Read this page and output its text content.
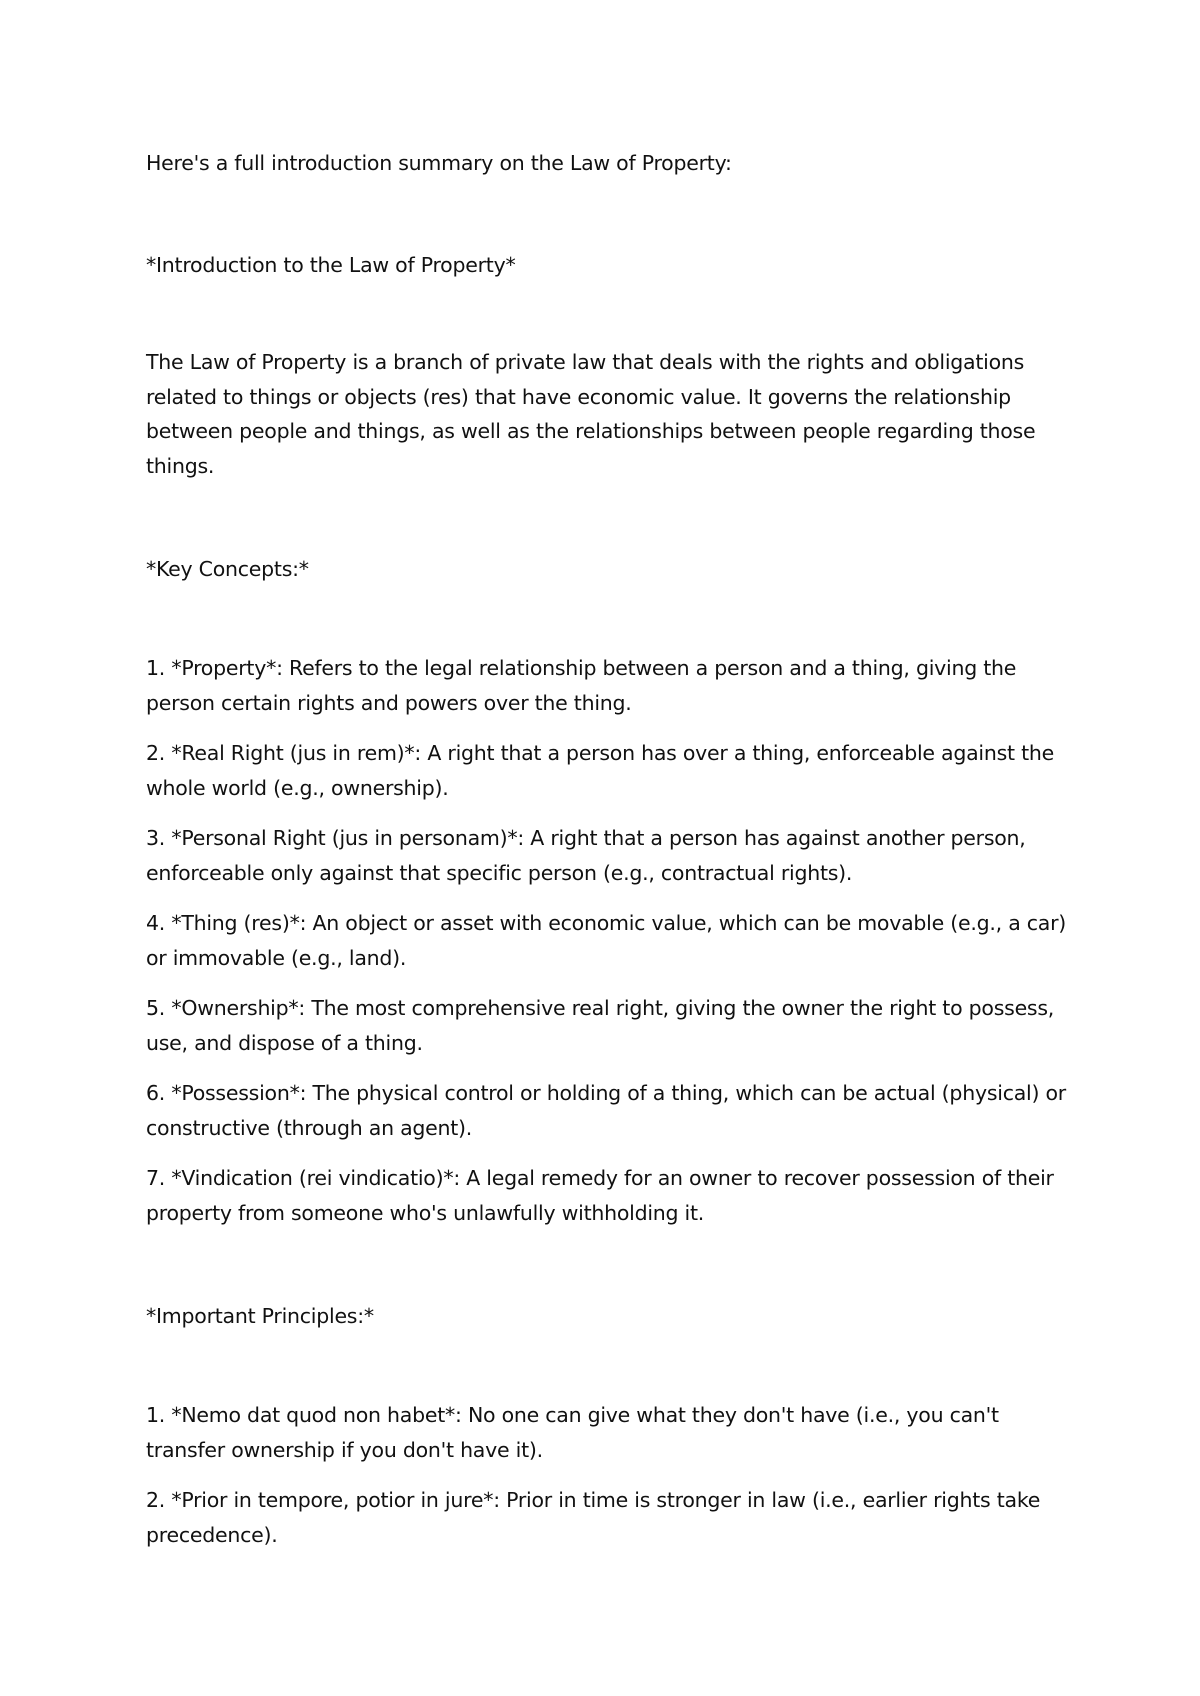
Here's a full introduction summary on the Law of Property:
*Introduction to the Law of Property*
The Law of Property is a branch of private law that deals with the rights and obligations related to things or objects (res) that have economic value. It governs the relationship between people and things, as well as the relationships between people regarding those things.
*Key Concepts:*
1. *Property*: Refers to the legal relationship between a person and a thing, giving the person certain rights and powers over the thing.
2. *Real Right (jus in rem)*: A right that a person has over a thing, enforceable against the whole world (e.g., ownership).
3. *Personal Right (jus in personam)*: A right that a person has against another person, enforceable only against that specific person (e.g., contractual rights).
4. *Thing (res)*: An object or asset with economic value, which can be movable (e.g., a car) or immovable (e.g., land).
5. *Ownership*: The most comprehensive real right, giving the owner the right to possess, use, and dispose of a thing.
6. *Possession*: The physical control or holding of a thing, which can be actual (physical) or constructive (through an agent).
7. *Vindication (rei vindicatio)*: A legal remedy for an owner to recover possession of their property from someone who's unlawfully withholding it.
*Important Principles:*
1. *Nemo dat quod non habet*: No one can give what they don't have (i.e., you can't transfer ownership if you don't have it).
2. *Prior in tempore, potior in jure*: Prior in time is stronger in law (i.e., earlier rights take precedence).
